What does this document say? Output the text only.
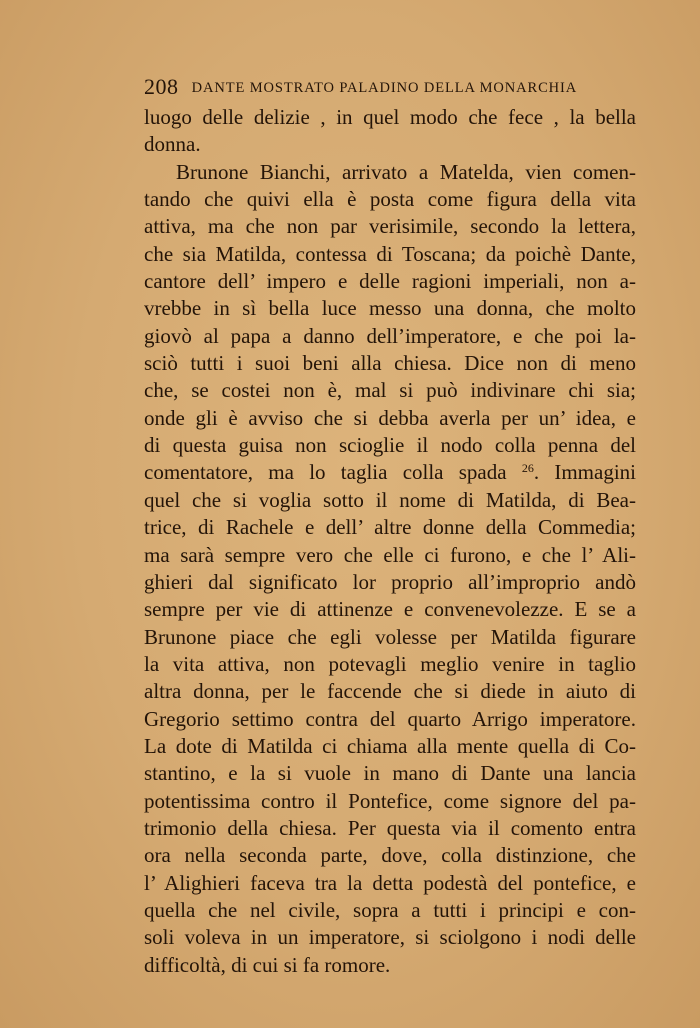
208 DANTE MOSTRATO PALADINO DELLA MONARCHIA
luogo delle delizie , in quel modo che fece , la bella
donna.
Brunone Bianchi, arrivato a Matelda, vien comen-
tando che quivi ella è posta come figura della vita
attiva, ma che non par verisimile, secondo la lettera,
che sia Matilda, contessa di Toscana; da poichè Dante,
cantore dell’ impero e delle ragioni imperiali, non a-
vrebbe in sì bella luce messo una donna, che molto
giovò al papa a danno dell’imperatore, e che poi la-
sciò tutti i suoi beni alla chiesa. Dice non di meno
che, se costei non è, mal si può indivinare chi sia;
onde gli è avviso che si debba averla per un’ idea, e
di questa guisa non scioglie il nodo colla penna del
comentatore, ma lo taglia colla spada $^{26}$. Immagini
quel che si voglia sotto il nome di Matilda, di Bea-
trice, di Rachele e dell’ altre donne della Commedia;
ma sarà sempre vero che elle ci furono, e che l’ Ali-
ghieri dal significato lor proprio all’improprio andò
sempre per vie di attinenze e convenevolezze. E se a
Brunone piace che egli volesse per Matilda figurare
la vita attiva, non potevagli meglio venire in taglio
altra donna, per le faccende che si diede in aiuto di
Gregorio settimo contra del quarto Arrigo imperatore.
La dote di Matilda ci chiama alla mente quella di Co-
stantino, e la si vuole in mano di Dante una lancia
potentissima contro il Pontefice, come signore del pa-
trimonio della chiesa. Per questa via il comento entra
ora nella seconda parte, dove, colla distinzione, che
l’ Alighieri faceva tra la detta podestà del pontefice, e
quella che nel civile, sopra a tutti i principi e con-
soli voleva in un imperatore, si sciolgono i nodi delle
difficoltà, di cui si fa romore.
